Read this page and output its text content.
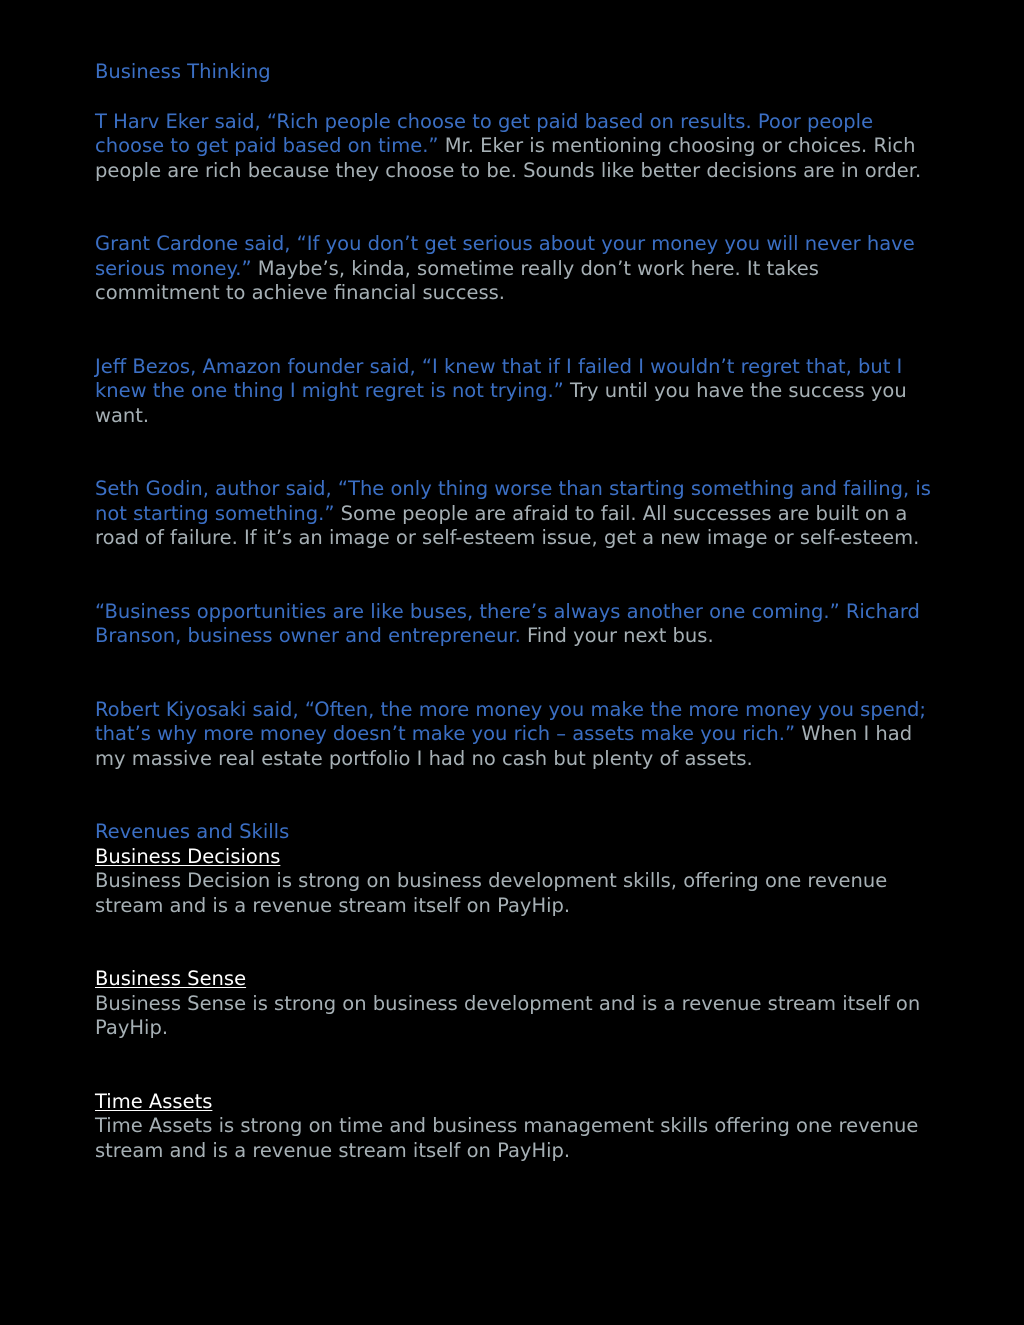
Business Thinking

T Harv Eker said, “Rich people choose to get paid based on results. Poor people choose to get paid based on time.” Mr. Eker is mentioning choosing or choices. Rich people are rich because they choose to be. Sounds like better decisions are in order.

Grant Cardone said, “If you don’t get serious about your money you will never have serious money.” Maybe’s, kinda, sometime really don’t work here. It takes commitment to achieve financial success.

Jeff Bezos, Amazon founder said, “I knew that if I failed I wouldn’t regret that, but I knew the one thing I might regret is not trying.” Try until you have the success you want.

Seth Godin, author said, “The only thing worse than starting something and failing, is not starting something.” Some people are afraid to fail. All successes are built on a road of failure. If it’s an image or self-esteem issue, get a new image or self-esteem.

“Business opportunities are like buses, there’s always another one coming.” Richard Branson, business owner and entrepreneur. Find your next bus.

Robert Kiyosaki said, “Often, the more money you make the more money you spend; that’s why more money doesn’t make you rich – assets make you rich.” When I had my massive real estate portfolio I had no cash but plenty of assets.

Revenues and Skills

Business Decisions

Business Decision is strong on business development skills, offering one revenue stream and is a revenue stream itself on PayHip.

Business Sense

Business Sense is strong on business development and is a revenue stream itself on PayHip.

Time Assets

Time Assets is strong on time and business management skills offering one revenue stream and is a revenue stream itself on PayHip.
